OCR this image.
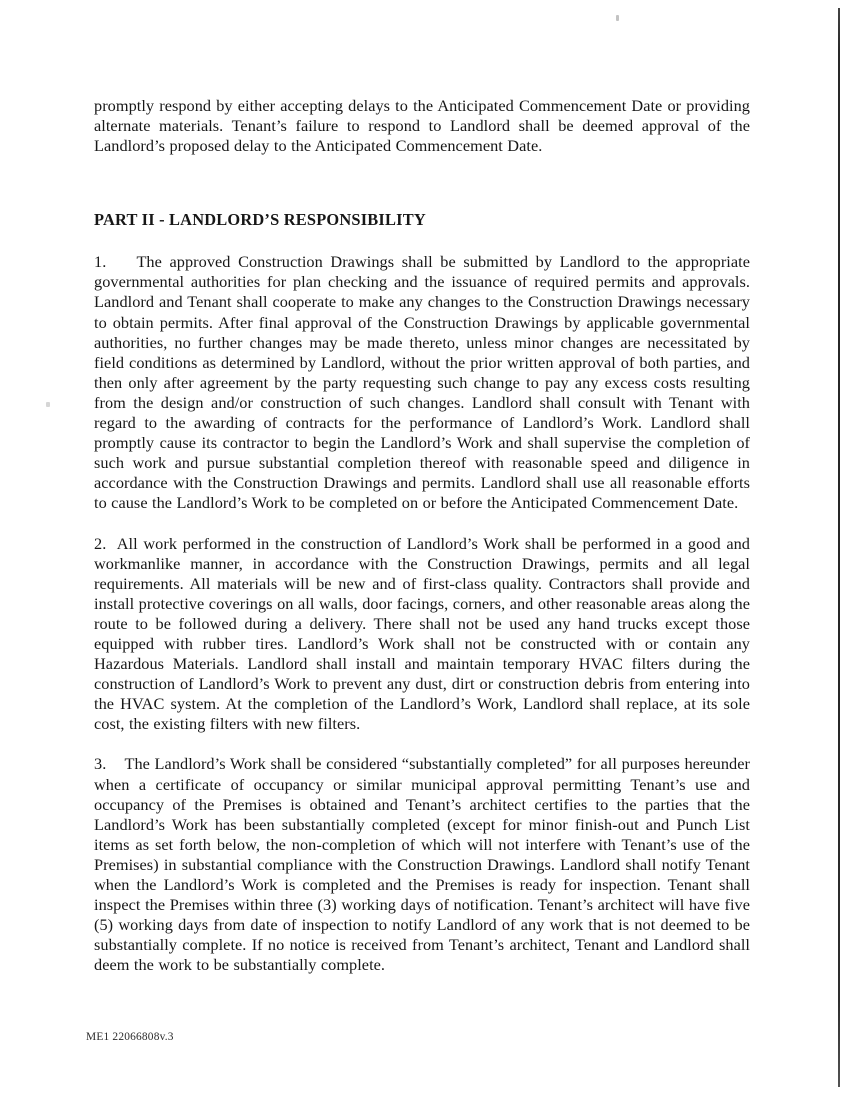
promptly respond by either accepting delays to the Anticipated Commencement Date or providing alternate materials. Tenant’s failure to respond to Landlord shall be deemed approval of the Landlord’s proposed delay to the Anticipated Commencement Date.

PART II - LANDLORD’S RESPONSIBILITY

1.    The approved Construction Drawings shall be submitted by Landlord to the appropriate governmental authorities for plan checking and the issuance of required permits and approvals. Landlord and Tenant shall cooperate to make any changes to the Construction Drawings necessary to obtain permits. After final approval of the Construction Drawings by applicable governmental authorities, no further changes may be made thereto, unless minor changes are necessitated by field conditions as determined by Landlord, without the prior written approval of both parties, and then only after agreement by the party requesting such change to pay any excess costs resulting from the design and/or construction of such changes. Landlord shall consult with Tenant with regard to the awarding of contracts for the performance of Landlord’s Work. Landlord shall promptly cause its contractor to begin the Landlord’s Work and shall supervise the completion of such work and pursue substantial completion thereof with reasonable speed and diligence in accordance with the Construction Drawings and permits. Landlord shall use all reasonable efforts to cause the Landlord’s Work to be completed on or before the Anticipated Commencement Date.

2.  All work performed in the construction of Landlord’s Work shall be performed in a good and workmanlike manner, in accordance with the Construction Drawings, permits and all legal requirements. All materials will be new and of first-class quality. Contractors shall provide and install protective coverings on all walls, door facings, corners, and other reasonable areas along the route to be followed during a delivery. There shall not be used any hand trucks except those equipped with rubber tires. Landlord’s Work shall not be constructed with or contain any Hazardous Materials. Landlord shall install and maintain temporary HVAC filters during the construction of Landlord’s Work to prevent any dust, dirt or construction debris from entering into the HVAC system. At the completion of the Landlord’s Work, Landlord shall replace, at its sole cost, the existing filters with new filters.

3.    The Landlord’s Work shall be considered “substantially completed” for all purposes hereunder when a certificate of occupancy or similar municipal approval permitting Tenant’s use and occupancy of the Premises is obtained and Tenant’s architect certifies to the parties that the Landlord’s Work has been substantially completed (except for minor finish-out and Punch List items as set forth below, the non-completion of which will not interfere with Tenant’s use of the Premises) in substantial compliance with the Construction Drawings. Landlord shall notify Tenant when the Landlord’s Work is completed and the Premises is ready for inspection. Tenant shall inspect the Premises within three (3) working days of notification. Tenant’s architect will have five (5) working days from date of inspection to notify Landlord of any work that is not deemed to be substantially complete. If no notice is received from Tenant’s architect, Tenant and Landlord shall deem the work to be substantially complete.

ME1 22066808v.3
